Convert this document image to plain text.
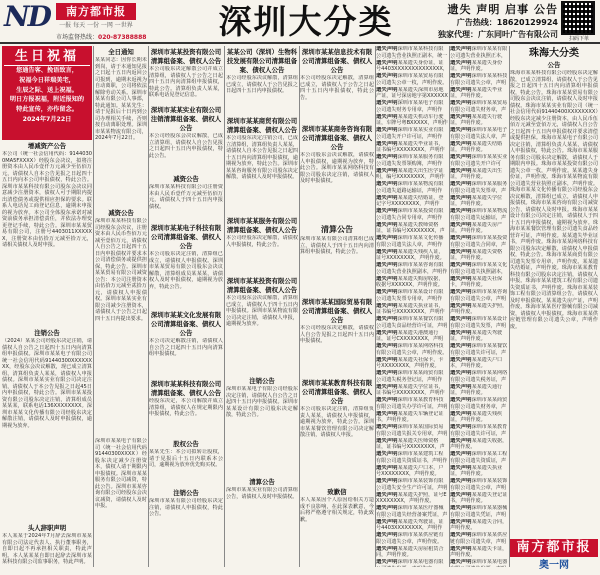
ND	南方都市报
一报 每天 一份 一网 一世界
市场监督热线：020-87388888	深圳大分类	遗失 声明 启事 公告
广告热线：18620129924
独家代理：广东同叶广告有限公司	扫码下单
生日祝福
您通告客、挽语致言，
祝福今日祥瑞美宅，
生辰之际、送上祝福。
明日方报祝福，附近报知的
特此宣传，亦作留念。
2024年7月22日
增减资产公告
本公司（统一社会信用代码：91440300MA5FXXXX）经股东会决议，拟将注册资本由人民币壹仟万元减少至伍佰万元，请债权人自本公告见报之日起四十五日内向本公司申报债权，特此公告。深圳市某某科技有限公司股东会决议同意减少注册资本，债权人可于期限内提出清偿债务或提供相应担保的要求。联系人电话见工商登记信息，逾期未申报的视为放弃。本公司全体股东承诺对减资前债务承担清偿责任，并依法办理变更登记手续，特此公告。深圳市某某贸易有限公司，注册号4403011XXXXXX，注册资本由伍拾万元减至拾万元，请相关债权人及时申报。
注销公告
（2024）某某公司经股东决定注销，请债权人自公告之日起四十五日内向清算组申报债权。深圳市某某电子有限公司统一社会信用代码91440300XXXXXXXX，经股东会决议解散，现已成立清算组，清算组负责人某某，请债权人申报债权。深圳市某某实业有限公司决定注销，请债权人于本公告见报之日起45日内申报债权，特此公告。深圳市某某投资有限公司股东决定注销，清算组成员某某某，联系电话136XXXXXXXX。深圳市某某文化传播有限公司经股东决定解散注销，请债权人及时申报债权，逾期视为放弃。
头人辞职声明
本人某某于2024年7月辞去深圳市某某有限公司法定代表人、执行董事职务，自即日起不再承担相关职责，特此声明。本人某某某自即日起辞去深圳市某某科技有限公司监事职务，特此声明。
全日通知
某某同志：因你长期未到岗，请于本通知见报之日起十五日内返回公司报到，逾期未返视为自动离职，公司将依法解除劳动关系。深圳市某某有限公司人事部，特此通知。某某先生：请于见报后十日内到公司办理相关手续，否则按自动离职处理。深圳市某某物流有限公司，2024年7月22日。
减资公告
深圳市某某科技有限公司经股东会决议，注册资本由人民币叁佰万元减至壹佰万元，请债权人自公告之日起四十五日内申报债权并要求本公司清偿债务或提供担保，特此公告。深圳市某某贸易有限公司减资公告：本公司注册资本由伍拾万元减至贰拾万元，请债权人申报债权。深圳市某某实业有限公司减少注册资本，请债权人于公告之日起四十五日内提出要求。
深圳市某某电子有限公司（统一社会信用代码91440300XXXX）经股东决定减少注册资本，债权人请于期限内申报债权。深圳市某某服务有限公司减资，特此公告。深圳市某某咨询有限公司经股东会决议减资，请债权人及时申报。
深圳市某某投资有限公司清算组备案、债权人公告
本公司股东决定解散公司并成立清算组，请债权人于公告之日起四十五日内向清算组申报债权，特此公告。清算组负责人某某，联系电话见登记信息。
深圳市某某实业有限公司注销清算组备案、债权人公告
本公司经股东会决议解散，已成立清算组，请债权人自公告见报之日起四十五日内申报债权，特此公告。
减资公告
深圳市某某科技有限公司注册资本由人民币壹仟万元减至伍佰万元，请债权人于四十五日内申报债权。
深圳市某某电子科技有限公司清算组备案、债权人公告
本公司股东决定注销，清算组已成立，请债权人申报债权。深圳市某某贸易有限公司股东会决议解散，清算组成员某某某，请债权人及时申报债权，逾期视为放弃，特此公告。
深圳市某某文化发展有限公司清算组备案、债权人公告
本公司决定解散注销，请债权人自公告之日起四十五日内向清算组申报债权。
深圳市某某科技有限公司清算组备案、债权人公告
经股东决定，本公司解散并成立清算组，请债权人在规定期限内申报债权，特此公告。
股权公告
某某先生：本公司拟转让股权，请于见报后十五日内联系本公司，逾期视为放弃优先购买权。
注销公告
深圳市某某有限公司经股东决定注销，请债权人申报债权，特此公告。
某某公司（深圳）生物科技发展有限公司清算组备案、债权人公告
本公司经股东决议解散，清算组已成立，请债权人于公告见报之日起四十五日内申报债权。
深圳市某某商贸有限公司清算组备案、债权人公告
本公司股东决定注销公司，已成立清算组，清算组负责人某某，请债权人自本公告见报之日起四十五日内向清算组申报债权，逾期视为放弃，特此公告。深圳市某某咨询服务有限公司股东决定解散，请债权人及时申报债权。
深圳市某某服务有限公司清算组备案、债权人公告
本公司经股东决定解散，请债权人申报债权，特此公告。
深圳市某某投资有限公司清算组备案、债权人公告
本公司股东会决议解散，清算组已成立，请债权人于四十五日内申报债权。深圳市某某物流有限公司决定注销，请债权人申报，逾期视为放弃。
注销公告
深圳市某某电子有限公司经股东决定注销，请债权人自公告之日起四十五日内申报债权。深圳市某某设计有限公司股东决定解散，特此公告。
清算公告
深圳市某某实业有限公司清算组公告，请债权人及时申报债权。
深圳市某某信息技术有限公司清算组备案、债权人公告
本公司经股东决定解散，清算组已成立，请债权人于公告之日起四十五日内申报债权，特此公告。
深圳市某某商务咨询有限公司清算组备案、债权人公告
本公司股东会决议解散，请债权人申报债权，逾期视为放弃，特此公告。深圳市某某网络科技有限公司股东决定注销，请债权人及时申报债权。
清算公告
深圳市某某有限公司清算组已成立，请债权人于四十五日内向清算组申报债权，特此公告。
深圳市某某国际贸易有限公司清算组备案、债权人公告
本公司经股东决定解散，请债权人自公告见报之日起四十五日内申报债权。
深圳市某某教育科技有限公司清算组备案、债权人公告
本公司股东决定注销，清算组负责人某某，请债权人申报债权，逾期视为放弃，特此公告。深圳市某某餐饮管理有限公司决定解散注销，请债权人申报。
致歉信
本人某某因个人原因给相关方造成不良影响，在此深表歉意，今后将严格遵守相关规定，特此致歉。
遗失声明深圳市某某科技有限公司遗失营业执照正副本，统一
遗失声明某某遗失身份证，证号4403XXXXXXXXXXXXXX，
遗失声明深圳市某某贸易有限公司遗失公章一枚，声明作废。
遗失声明某某遗失深圳市房地产证，证号深房地字第XXXXXX
遗失声明深圳市某某电子有限公司遗失财务专用章，声明作
遗失声明某某遗失机动车行驶证，车牌号粤BXXXXX，声明作
遗失声明深圳市某某实业有限公司遗失开户许可证，声明作
遗失声明某某遗失毕业证书，证书编号XXXXXXXX，声明作
遗失声明深圳市某某服务有限公司遗失发票领购簿，声明作
遗失声明某某遗失出生医学证明，编号XXXXXXXX，声明作
遗失声明深圳市某某物流有限公司遗失道路运输证，声明作
遗失声明某某遗失结婚证，登记字号XXXXXXXX，声明作
遗失声明深圳市某某投资有限公司遗失合同专用章，声明作
遗失声明某某遗失教师资格证，证书编号XXXXXXXX，声
遗失声明深圳市某某文化传播有限公司遗失法人章，声明作
遗失声明某某遗失残疾人证，证号XXXXXXXX，声明作废。
遗失声明深圳市某某咨询有限公司遗失营业执照副本，声明作
遗失声明某某遗失购房收据，收据号XXXXXX，声明作废。
遗失声明深圳市某某设计有限公司遗失发票专用章，声明作
遗失声明某某遗失执业证书，证书编号XXXXXXXX，声明作
遗失声明深圳市某某餐饮有限公司遗失食品经营许可证，声明
遗失声明某某遗失港澳通行证，证号CXXXXXXXX，声明
遗失声明深圳市某某网络科技有限公司遗失公章，声明作废。
遗失声明某某遗失社保卡，卡号XXXXXXXX，声明作废。
遗失声明深圳市某某商贸有限公司遗失税务登记证，声明作
遗失声明某某遗失学位证书，证书编号XXXXXXXX，声明作
遗失声明深圳市某某教育科技有限公司遗失办学许可证，声明
遗失声明某某遗失车辆登记证书，声明作废。
遗失声明深圳市某某国际贸易有限公司遗失报关专用章，声明
遗失声明某某遗失医师资格证，证书编号XXXXXXXX，声
遗失声明深圳市某某建筑工程有限公司遗失资质证书，声明作
遗失声明某某遗失户口本，户号XXXXXXXX，声明作废。
遗失声明深圳市某某装饰有限公司遗失安全生产许可证，声明
遗失声明某某遗失护照，证号EXXXXXXXX，声明作废。
遗失声明深圳市某某医疗器械有限公司遗失经营备案凭证，声
遗失声明某某遗失驾驶证，证号4403XXXXXXXX，声明作
遗失声明深圳市某某供应链有限公司遗失公章，声明作废。
遗失声明某某遗失房屋租赁合同，声明作废。
遗失声明深圳市某某电器有限
遗失声明深圳市某某有限公司遗失营业执照正本，
遗失声明某某遗失身份证，声明作废。
遗失声明深圳市某某科技有限公司遗失公章，声明
遗失声明某某遗失毕业证，声明作废。
遗失声明深圳市某某贸易有限公司遗失财务章，声
遗失声明某某遗失行驶证，声明作废。
遗失声明深圳市某某电子有限公司遗失法人章，声
遗失声明某某遗失结婚证，声明作废。
遗失声明深圳市某某实业有限公司遗失开户许可
遗失声明某某遗失出生证，声明作废。
遗失声明深圳市某某服务有限公司遗失发票章，声
遗失声明某某遗失学位证，声明作废。
遗失声明深圳市某某物流有限公司遗失运输证，声
遗失声明某某遗失房产证，声明作废。
遗失声明深圳市某某投资有限公司遗失合同章，声
遗失声明某某遗失资格证，声明作废。
遗失声明深圳市某某文化有限公司遗失执照副本，
遗失声明某某遗失社保卡，声明作废。
遗失声明深圳市某某咨询有限公司遗失公章，声明
遗失声明某某遗失护照，声明作废。
遗失声明深圳市某某设计有限公司遗失发票，声明
遗失声明某某遗失驾驶证，声明作废。
遗失声明深圳市某某餐饮有限公司遗失许可证，声
遗失声明某某遗失户口本，声明作废。
遗失声明深圳市某某网络有限公司遗失税务证，声
遗失声明某某遗失通行证，声明作废。
遗失声明深圳市某某商贸有限公司遗失财务章，声
遗失声明某某遗失残疾证，声明作废。
遗失声明深圳市某某教育有限公司遗失许可证，声
遗失声明某某遗失收据，声明作废。
遗失声明深圳市某某工程有限公司遗失资质证，声
遗失声明某某遗失执业证，声明作废。
遗失声明深圳市某某装饰有限公司遗失公章，声明
遗失声明某某遗失登记证书，声明作废。
遗失声明深圳市某某器械有限公司遗失凭证，声明
遗失声明某某遗失合同，声明作废。
遗失声明深圳市某某供应链有限公司遗失章，声明
遗失声明某某遗失卡证，声明作废。
遗失声明深圳市某某电器
珠海大分类
公告
珠海市某某科技有限公司经股东决定解散，已成立清算组，请债权人于公告见报之日起四十五日内向清算组申报债权，特此公告。珠海市某某贸易有限公司股东会决议注销，请债权人及时申报债权。珠海市某某实业有限公司（统一社会信用代码91440400XXXXXXXX）经股东决定减少注册资本，由人民币伍佰万元减至壹佰万元，请债权人自公告之日起四十五日内申报债权并要求清偿或提供担保。珠海市某某电子有限公司决定注销，清算组负责人某某，请债权人申报债权，特此公告。珠海市某某服务有限公司股东决定解散，请债权人于期限内申报。珠海市某某投资有限公司遗失公章一枚，声明作废。某某遗失身份证，声明作废。珠海市某某物流有限公司遗失营业执照正副本，声明作废。珠海市某某文化传播有限公司经股东会决议解散，清算组已成立，请债权人申报债权。珠海市某某咨询有限公司减资公告，请债权人及时申报。珠海市某某设计有限公司决定注销，请债权人于四十五日内申报债权，逾期视为放弃。珠海市某某餐饮管理有限公司遗失食品经营许可证，声明作废。某某遗失毕业证书，声明作废。珠海市某某网络科技有限公司股东决定解散，请债权人申报债权，特此公告。珠海市某某商贸有限公司遗失发票专用章，声明作废。某某遗失结婚证，声明作废。珠海市某某教育科技有限公司股东决定注销，请债权人申报。珠海市某某建筑工程有限公司遗失资质证书，声明作废。珠海市某某装饰工程有限公司清算组公告，请债权人及时申报债权。某某遗失房产证，声明作废。珠海市某某医疗器械有限公司减资，请债权人申报债权。珠海市某某供应链管理有限公司遗失公章，声明作废。
南方都市报
奥一网
